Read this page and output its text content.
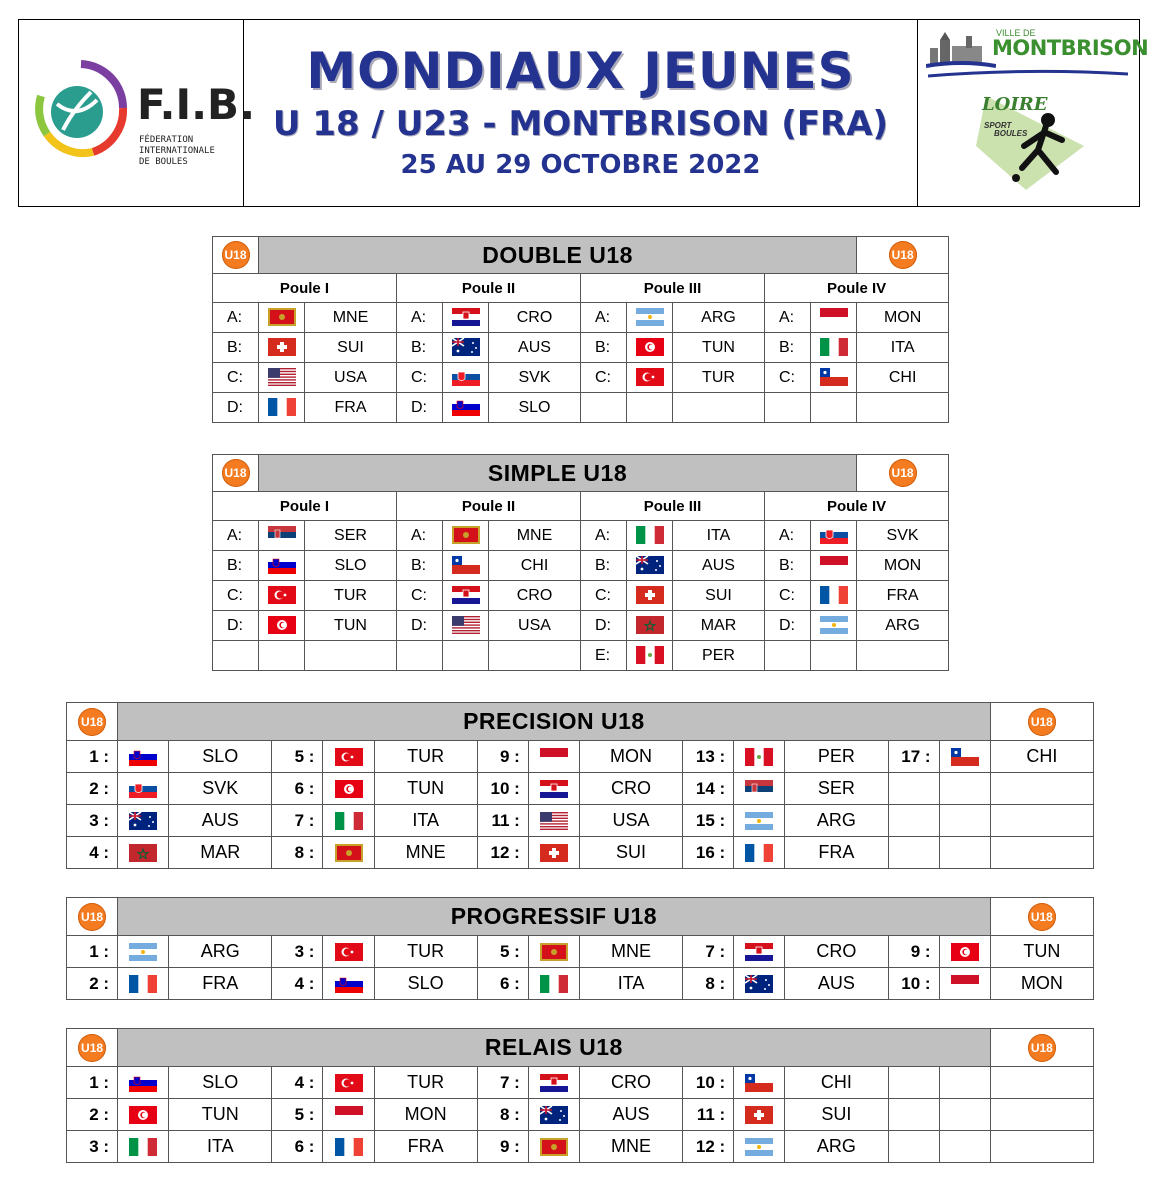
F.I.B.
FÉDERATION
INTERNATIONALE
DE BOULES
MONDIAUX JEUNES
U 18 / U23 - MONTBRISON (FRA)
25 AU 29 OCTOBRE 2022
VILLE DE
MONTBRISON
LOIRE
SPORT
BOULES
U18	DOUBLE U18										U18
Poule I			Poule II			Poule III			Poule IV		
A:		MNE	A:		CRO	A:		ARG	A:		MON
B:		SUI	B:		AUS	B:		TUN	B:		ITA
C:		USA	C:		SVK	C:		TUR	C:		CHI
D:		FRA	D:		SLO						
U18	SIMPLE U18										U18
Poule I			Poule II			Poule III			Poule IV		
A:		SER	A:		MNE	A:		ITA	A:		SVK
B:		SLO	B:		CHI	B:		AUS	B:		MON
C:		TUR	C:		CRO	C:		SUI	C:		FRA
D:		TUN	D:		USA	D:		MAR	D:		ARG
						E:		PER			
U18	PRECISION U18													U18
1 :		SLO	5 :		TUR	9 :		MON	13 :		PER	17 :		CHI
2 :		SVK	6 :		TUN	10 :		CRO	14 :		SER			
3 :		AUS	7 :		ITA	11 :		USA	15 :		ARG			
4 :		MAR	8 :		MNE	12 :		SUI	16 :		FRA			
U18	PROGRESSIF U18													U18
1 :		ARG	3 :		TUR	5 :		MNE	7 :		CRO	9 :		TUN
2 :		FRA	4 :		SLO	6 :		ITA	8 :		AUS	10 :		MON
U18	RELAIS U18													U18
1 :		SLO	4 :		TUR	7 :		CRO	10 :		CHI			
2 :		TUN	5 :		MON	8 :		AUS	11 :		SUI			
3 :		ITA	6 :		FRA	9 :		MNE	12 :		ARG			
